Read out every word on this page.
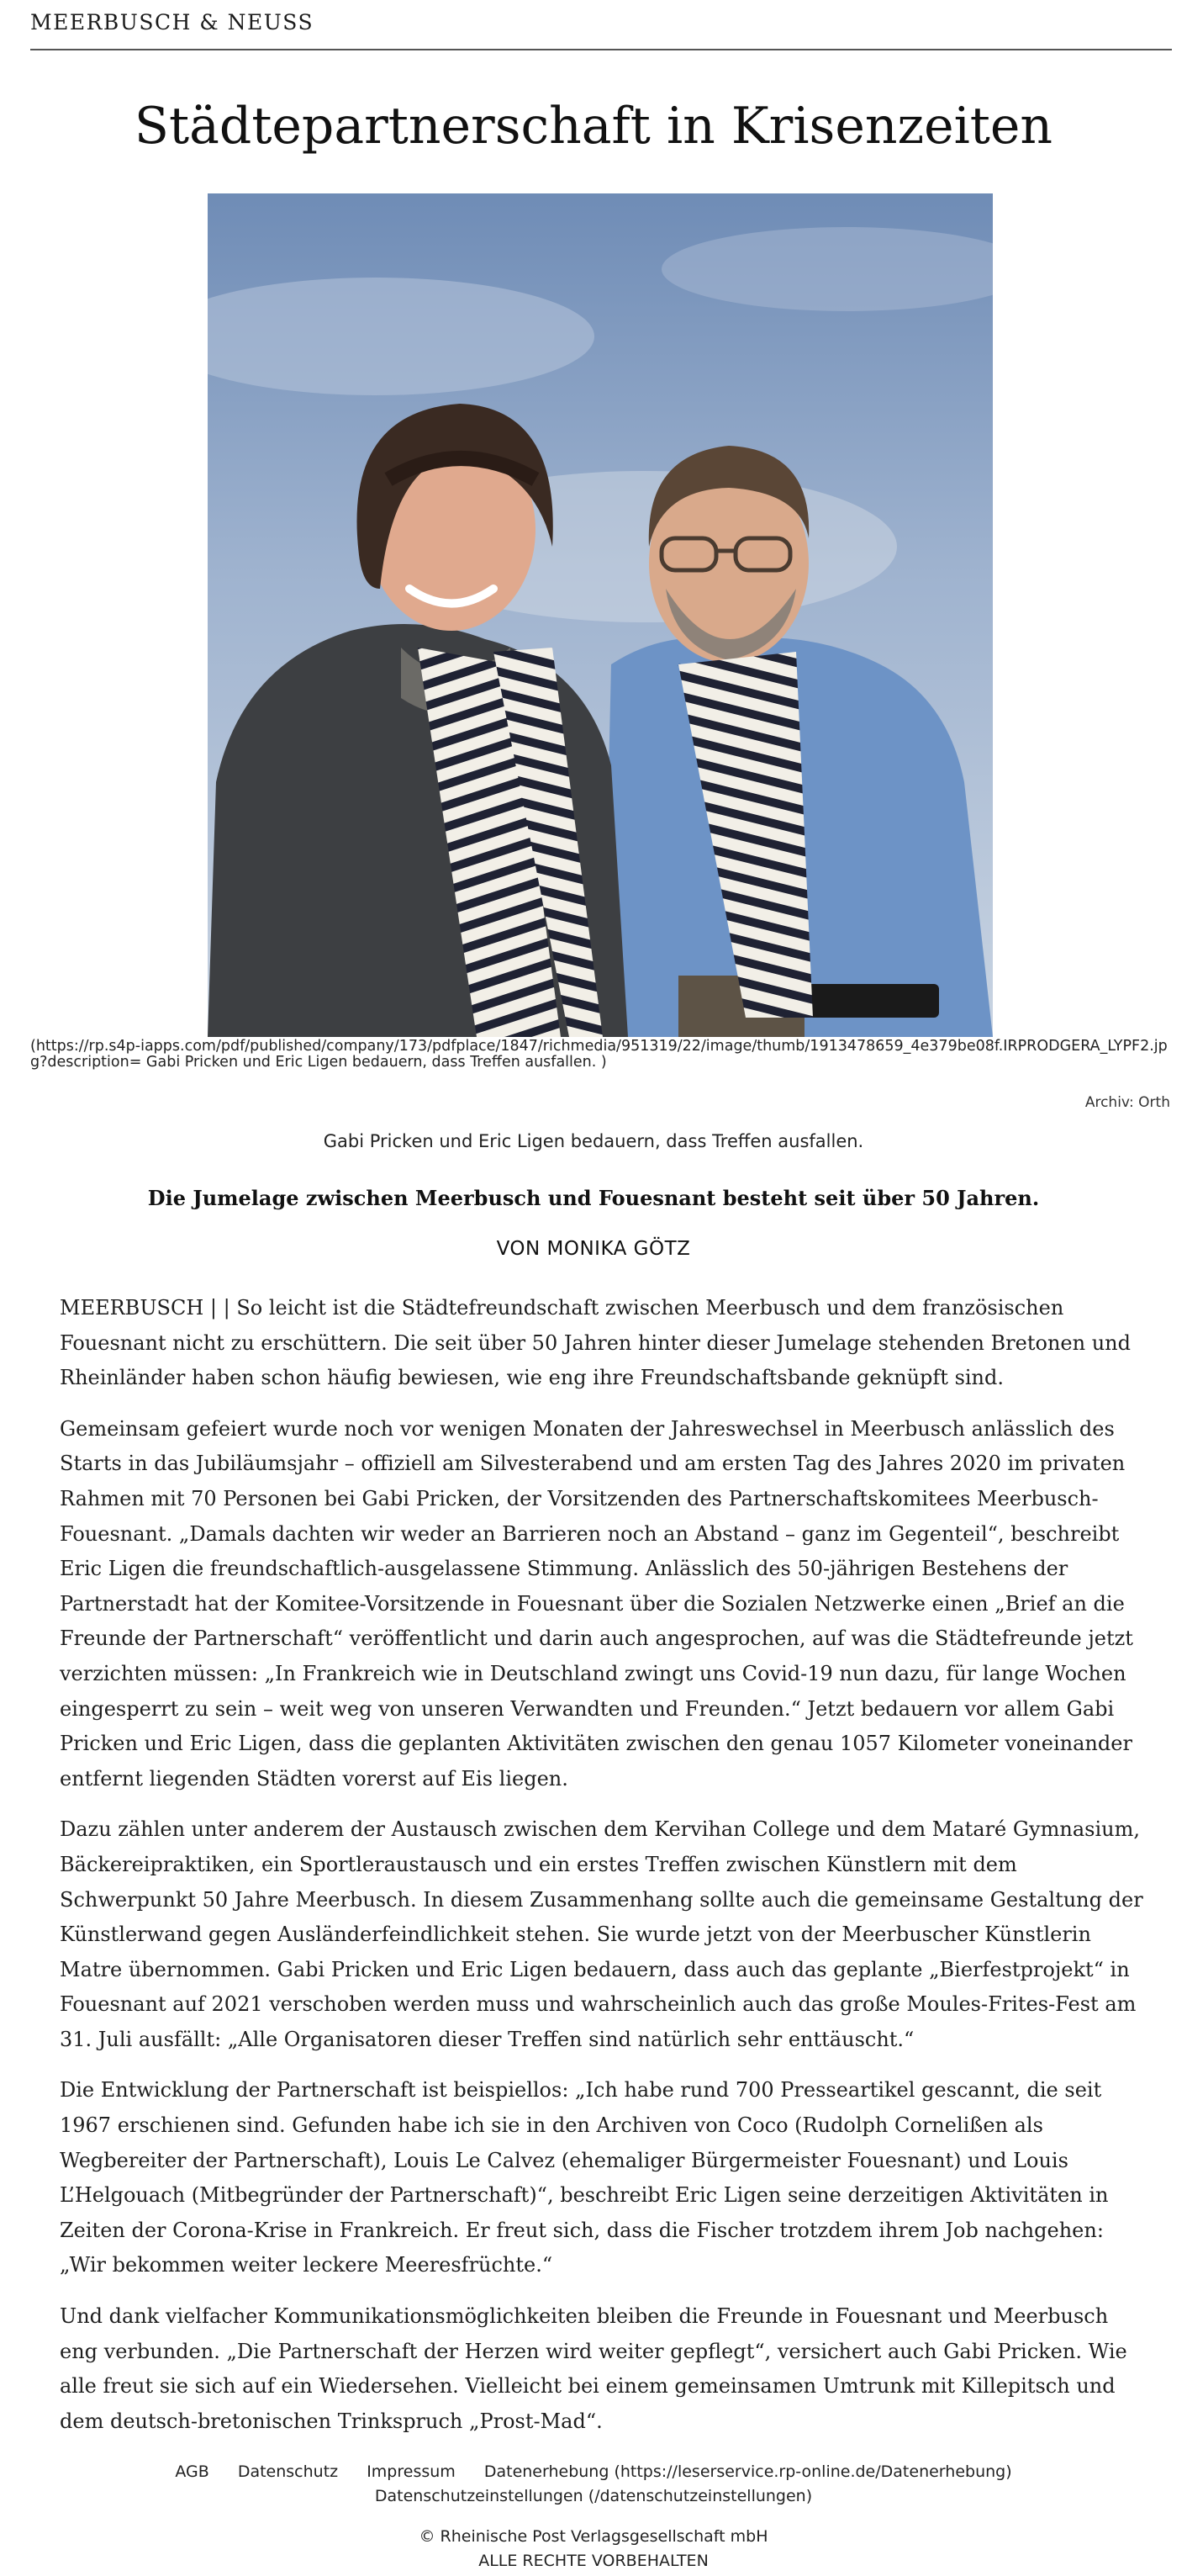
MEERBUSCH & NEUSS
Städtepartnerschaft in Krisenzeiten
(https://rp.s4p-iapps.com/pdf/published/company/173/pdfplace/1847/richmedia/951319/22/image/thumb/1913478659_4e379be08f.IRPRODGERA_LYPF2.jpg?description= Gabi Pricken und Eric Ligen bedauern, dass Treffen ausfallen. )
Archiv: Orth
Gabi Pricken und Eric Ligen bedauern, dass Treffen ausfallen.
Die Jumelage zwischen Meerbusch und Fouesnant besteht seit über 50 Jahren.
VON MONIKA GÖTZ

MEERBUSCH | | So leicht ist die Städtefreundschaft zwischen Meerbusch und dem französischen Fouesnant nicht zu erschüttern. Die seit über 50 Jahren hinter dieser Jumelage stehenden Bretonen und Rheinländer haben schon häufig bewiesen, wie eng ihre Freundschaftsbande geknüpft sind.

Gemeinsam gefeiert wurde noch vor wenigen Monaten der Jahreswechsel in Meerbusch anlässlich des Starts in das Jubiläumsjahr – offiziell am Silvesterabend und am ersten Tag des Jahres 2020 im privaten Rahmen mit 70 Personen bei Gabi Pricken, der Vorsitzenden des Partnerschaftskomitees Meerbusch-Fouesnant. „Damals dachten wir weder an Barrieren noch an Abstand – ganz im Gegenteil“, beschreibt Eric Ligen die freundschaftlich-ausgelassene Stimmung. Anlässlich des 50-jährigen Bestehens der Partnerstadt hat der Komitee-Vorsitzende in Fouesnant über die Sozialen Netzwerke einen „Brief an die Freunde der Partnerschaft“ veröffentlicht und darin auch angesprochen, auf was die Städtefreunde jetzt verzichten müssen: „In Frankreich wie in Deutschland zwingt uns Covid-19 nun dazu, für lange Wochen eingesperrt zu sein – weit weg von unseren Verwandten und Freunden.“ Jetzt bedauern vor allem Gabi Pricken und Eric Ligen, dass die geplanten Aktivitäten zwischen den genau 1057 Kilometer voneinander entfernt liegenden Städten vorerst auf Eis liegen.

Dazu zählen unter anderem der Austausch zwischen dem Kervihan College und dem Mataré Gymnasium, Bäckereipraktiken, ein Sportleraustausch und ein erstes Treffen zwischen Künstlern mit dem Schwerpunkt 50 Jahre Meerbusch. In diesem Zusammenhang sollte auch die gemeinsame Gestaltung der Künstlerwand gegen Ausländerfeindlichkeit stehen. Sie wurde jetzt von der Meerbuscher Künstlerin Matre übernommen. Gabi Pricken und Eric Ligen bedauern, dass auch das geplante „Bierfestprojekt“ in Fouesnant auf 2021 verschoben werden muss und wahrscheinlich auch das große Moules-Frites-Fest am 31. Juli ausfällt: „Alle Organisatoren dieser Treffen sind natürlich sehr enttäuscht.“

Die Entwicklung der Partnerschaft ist beispiellos: „Ich habe rund 700 Presseartikel gescannt, die seit 1967 erschienen sind. Gefunden habe ich sie in den Archiven von Coco (Rudolph Cornelißen als Wegbereiter der Partnerschaft), Louis Le Calvez (ehemaliger Bürgermeister Fouesnant) und Louis L’Helgouach (Mitbegründer der Partnerschaft)“, beschreibt Eric Ligen seine derzeitigen Aktivitäten in Zeiten der Corona-Krise in Frankreich. Er freut sich, dass die Fischer trotzdem ihrem Job nachgehen: „Wir bekommen weiter leckere Meeresfrüchte.“

Und dank vielfacher Kommunikationsmöglichkeiten bleiben die Freunde in Fouesnant und Meerbusch eng verbunden. „Die Partnerschaft der Herzen wird weiter gepflegt“, versichert auch Gabi Pricken. Wie alle freut sie sich auf ein Wiedersehen. Vielleicht bei einem gemeinsamen Umtrunk mit Killepitsch und dem deutsch-bretonischen Trinkspruch „Prost-Mad“.

AGB Datenschutz Impressum Datenerhebung (https://leserservice.rp-online.de/Datenerhebung)
Datenschutzeinstellungen (/datenschutzeinstellungen)
© Rheinische Post Verlagsgesellschaft mbH
ALLE RECHTE VORBEHALTEN
